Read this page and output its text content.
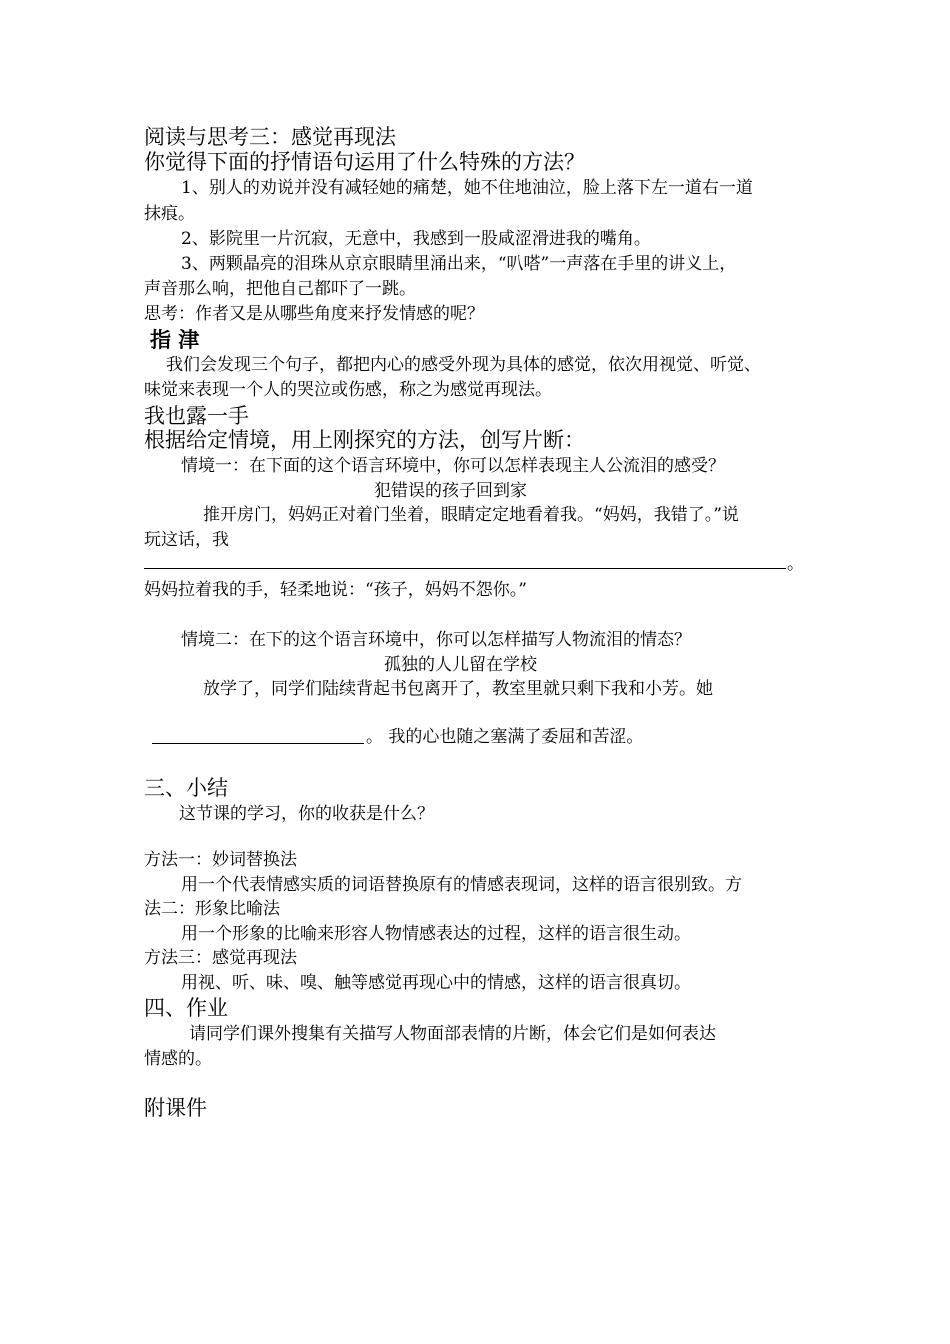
阅读与思考三：感觉再现法
你觉得下面的抒情语句运用了什么特殊的方法？
1、别人的劝说并没有减轻她的痛楚，她不住地油泣，脸上落下左一道右一道
抹痕。
2、影院里一片沉寂，无意中，我感到一股咸涩滑进我的嘴角。
3、两颗晶亮的泪珠从京京眼睛里涌出来，“叭嗒”一声落在手里的讲义上，
声音那么响，把他自己都吓了一跳。
思考：作者又是从哪些角度来抒发情感的呢？
指 津
我们会发现三个句子，都把内心的感受外现为具体的感觉，依次用视觉、听觉、
味觉来表现一个人的哭泣或伤感，称之为感觉再现法。
我也露一手
根据给定情境，用上刚探究的方法，创写片断：
情境一：在下面的这个语言环境中，你可以怎样表现主人公流泪的感受？
犯错误的孩子回到家
推开房门，妈妈正对着门坐着，眼睛定定地看着我。“妈妈，我错了。”说
玩这话，我
。
妈妈拉着我的手，轻柔地说：“孩子，妈妈不怨你。”
情境二：在下的这个语言环境中，你可以怎样描写人物流泪的情态？
孤独的人儿留在学校
放学了，同学们陆续背起书包离开了，教室里就只剩下我和小芳。她
。 我的心也随之塞满了委屈和苦涩。
三、小结
这节课的学习，你的收获是什么？
方法一：妙词替换法
用一个代表情感实质的词语替换原有的情感表现词，这样的语言很别致。方
法二：形象比喻法
用一个形象的比喻来形容人物情感表达的过程，这样的语言很生动。
方法三：感觉再现法
用视、听、味、嗅、触等感觉再现心中的情感，这样的语言很真切。
四、作业
请同学们课外搜集有关描写人物面部表情的片断，体会它们是如何表达
情感的。
附课件
